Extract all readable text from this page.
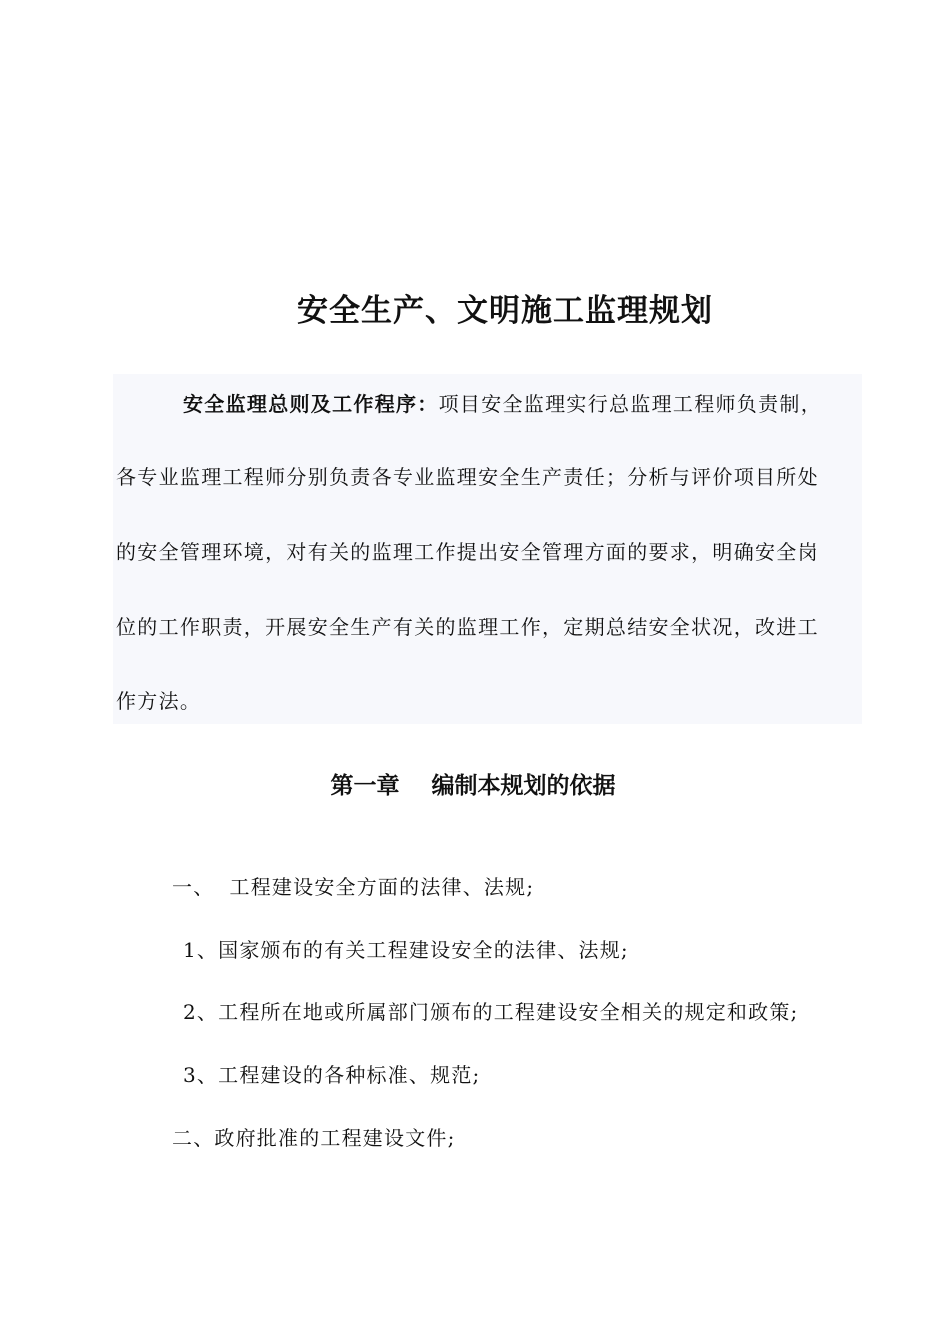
安全生产、文明施工监理规划
安全监理总则及工作程序：项目安全监理实行总监理工程师负责制，
各专业监理工程师分别负责各专业监理安全生产责任；分析与评价项目所处
的安全管理环境，对有关的监理工作提出安全管理方面的要求，明确安全岗
位的工作职责，开展安全生产有关的监理工作，定期总结安全状况，改进工
作方法。
第一章    编制本规划的依据
一、  工程建设安全方面的法律、法规;
1、国家颁布的有关工程建设安全的法律、法规;
2、工程所在地或所属部门颁布的工程建设安全相关的规定和政策;
3、工程建设的各种标准、规范;
二、政府批准的工程建设文件;
